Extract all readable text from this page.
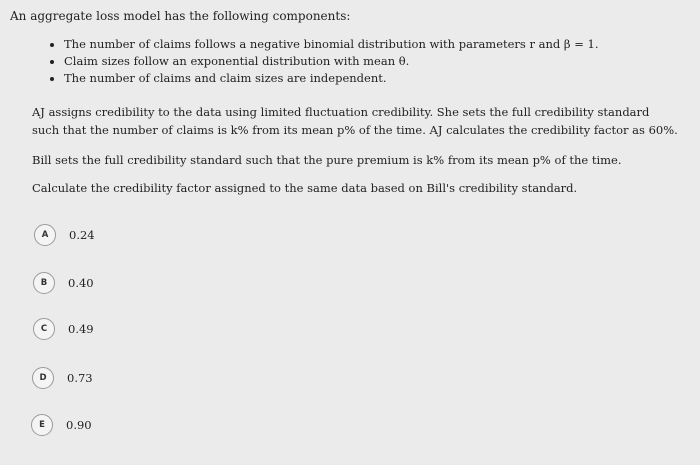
An aggregate loss model has the following components:

• The number of claims follows a negative binomial distribution with parameters r and β = 1.
• Claim sizes follow an exponential distribution with mean θ.
• The number of claims and claim sizes are independent.

AJ assigns credibility to the data using limited fluctuation credibility. She sets the full credibility standard such that the number of claims is k% from its mean p% of the time. AJ calculates the credibility factor as 60%.

Bill sets the full credibility standard such that the pure premium is k% from its mean p% of the time.

Calculate the credibility factor assigned to the same data based on Bill's credibility standard.

A	0.24
B	0.40
C	0.49
D	0.73
E	0.90
